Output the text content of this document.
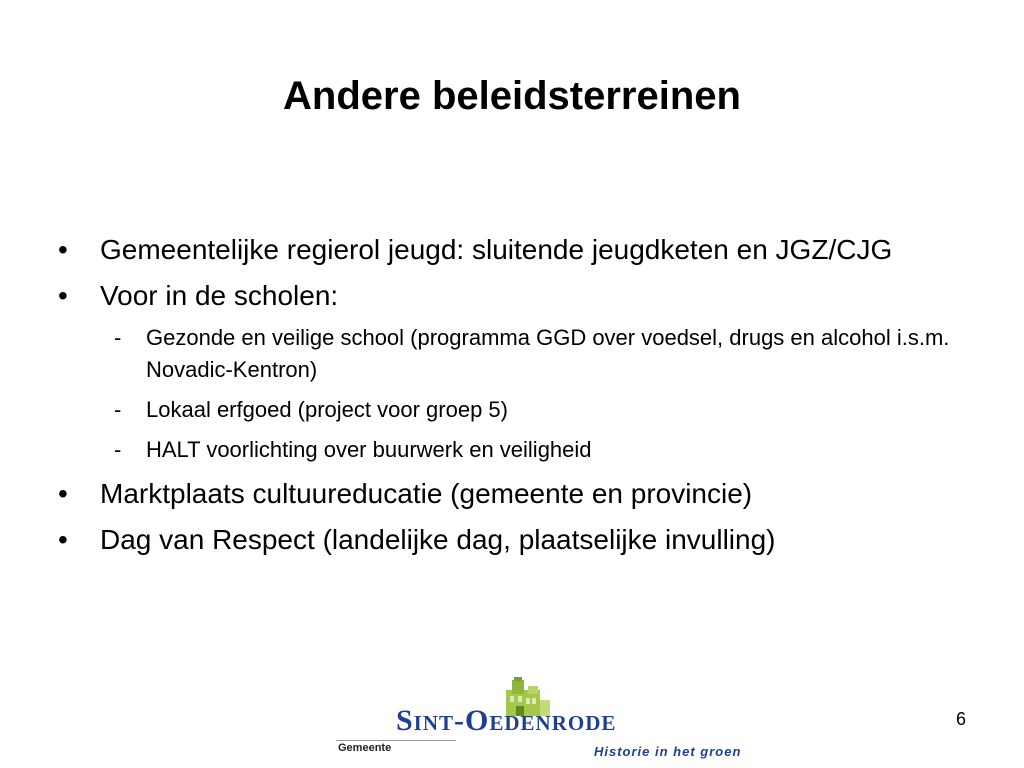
Andere beleidsterreinen
•	Gemeentelijke regierol jeugd: sluitende jeugdketen en JGZ/CJG
•	Voor in de scholen:
- Gezonde en veilige school (programma GGD over voedsel, drugs en alcohol i.s.m. Novadic-Kentron)
- Lokaal erfgoed (project voor groep 5)
- HALT voorlichting over buurwerk en veiligheid
•	Marktplaats cultuureducatie (gemeente en provincie)
•	Dag van Respect (landelijke dag, plaatselijke invulling)
Sint-Oedenrode
Gemeente	Historie in het groen
6
